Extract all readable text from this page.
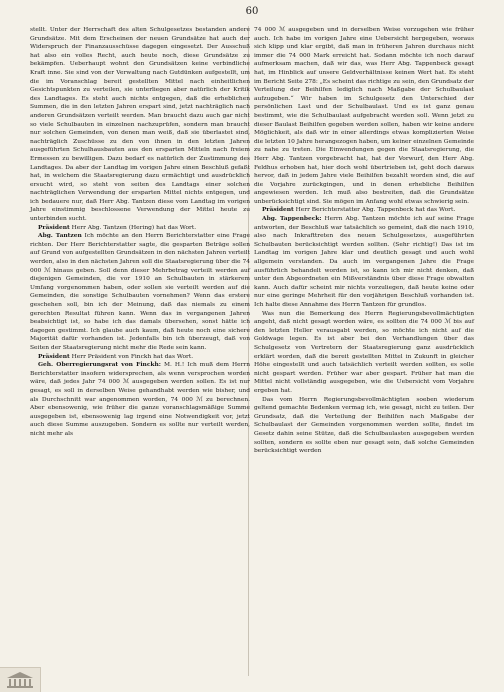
60

stellt. Unter der Herrschaft des alten Schulgesetzes bestanden andere Grundsätze. Mit dem Erscheinen der neuen Grundsätze hat auch der Widerspruch der Finanzausschüsse dagegen eingesetzt. Der Ausschuß hat also ein volles Recht, auch heute noch, diese Grundsätze zu bekämpfen. Ueberhaupt wohnt den Grundsätzen keine verbindliche Kraft inne. Sie sind von der Verwaltung nach Gutdünken aufgestellt, um die im Voranschlag bereit gestellten Mittel nach einheitlichen Gesichtspunkten zu verteilen, sie unterliegen aber natürlich der Kritik des Landtages. Es steht auch nichts entgegen, daß die erheblichen Summen, die in den letzten Jahren erspart sind, jetzt nachträglich nach anderen Grundsätzen verteilt werden. Man braucht dazu auch gar nicht so viele Schulbauten in einzelnen nachzuprüfen, sondern man braucht nur solchen Gemeinden, von denen man weiß, daß sie überlastet sind, nachträglich Zuschüsse zu den von ihnen in den letzten Jahren ausgeführten Schulhausbauten aus den ersparten Mitteln nach freiem Ermessen zu bewilligen. Dazu bedarf es natürlich der Zustimmung des Landtages. Da aber der Landtag im vorigen Jahre einen Beschluß gefaßt hat, in welchem die Staatsregierung dazu ermächtigt und ausdrücklich ersucht wird, so steht von seiten des Landtags einer solchen nachträglichen Verwendung der ersparten Mittel nichts entgegen, und ich bedauere nur, daß Herr Abg. Tantzen diese vom Landtag im vorigen Jahre einstimmig beschlossene Verwendung der Mittel heute zu unterbinden sucht.

Präsident Herr Abg. Tantzen (Hering) hat das Wort.

Abg. Tantzen Ich möchte an den Herrn Berichterstatter eine Frage richten. Der Herr Berichterstatter sagte, die gesparten Beträge sollen auf Grund von aufgestellten Grundsätzen in den nächsten Jahren verteilt werden, also in den nächsten Jahren soll die Staatsregierung über die 74 000 ℳ hinaus geben. Soll denn dieser Mehrbetrag verteilt werden auf diejenigen Gemeinden, die vor 1910 an Schulbauten in stärkerem Umfang vorgenommen haben, oder sollen sie verteilt werden auf die Gemeinden, die sonstige Schulbauten vornehmen? Wenn das erstere geschehen soll, bin ich der Meinung, daß das niemals zu einem gerechten Resultat führen kann. Wenn das in vergangenen Jahren beabsichtigt ist, so habe ich das damals übersehen, sonst hätte ich dagegen gestimmt. Ich glaube auch kaum, daß heute noch eine sichere Majorität dafür vorhanden ist. Jedenfalls bin ich überzeugt, daß von Seiten der Staatsregierung nicht mehr die Rede sein kann.

Präsident Herr Präsident von Finckh hat das Wort.

Geh. Oberregierungsrat von Finckh: M. H.! Ich muß dem Herrn Berichterstatter insofern widersprechen, als wenn versprochen worden wäre, daß jedes Jahr 74 000 ℳ ausgegeben werden sollen. Es ist nur gesagt, es soll in derselben Weise gehandhabt werden wie bisher, und als Durchschnitt war angenommen worden, 74 000 ℳ zu berechnen. Aber ebensowenig, wie früher die ganze voranschlagsmäßige Summe ausgegeben ist, ebensowenig lag irgend eine Notwendigkeit vor, jetzt auch diese Summe auszugeben. Sondern es sollte nur verteilt werden, nicht mehr als

74 000 ℳ ausgegeben und in derselben Weise vorzugehen wie früher auch. Ich habe im vorigen Jahre eine Uebersicht hergegeben, woraus sich klipp und klar ergibt, daß man in früheren Jahren durchaus nicht immer die 74 000 Mark erreicht hat. Sodann möchte ich noch darauf aufmerksam machen, daß wir das, was Herr Abg. Tappenbeck gesagt hat, im Hinblick auf unsere Geldverhältnisse keinen Wert hat. Es steht im Bericht Seite 278: „Es scheint das richtige zu sein, den Grundsatz der Verteilung der Beihilfen lediglich nach Maßgabe der Schulbaulast aufzugeben.“ Wir haben im Schulgesetz den Unterschied der persönlichen Last und der Schulbaulast. Und es ist ganz genau bestimmt, wie die Schulbaulast aufgebracht werden soll. Wenn jetzt zu dieser Baulast Beihilfen gegeben werden sollen, haben wir keine andere Möglichkeit, als daß wir in einer allerdings etwas komplizierten Weise die letzten 10 Jahre herangezogen haben, um keiner einzelnen Gemeinde zu nahe zu treten. Die Einwendungen gegen die Staatsregierung, die Herr Abg. Tantzen vorgebracht hat, hat der Vorwurf, den Herr Abg. Feldhus erhoben hat, hier doch wohl übertrieben ist, geht doch daraus hervor, daß in jedem Jahre viele Beihilfen bezahlt worden sind, die auf die Vorjahre zurückgingen, und in denen erhebliche Beihilfen angewiesen werden. Ich muß also bestreiten, daß die Grundsätze unberücksichtigt sind. Sie mögen im Anfang wohl etwas schwierig sein.

Präsident Herr Berichterstatter Abg. Tappenbeck hat das Wort.

Abg. Tappenbeck: Herrn Abg. Tantzen möchte ich auf seine Frage antworten, der Beschluß war tatsächlich so gemeint, daß die nach 1910, also nach Inkrafttreten des neuen Schulgesetzes, ausgeführten Schulbauten berücksichtigt werden sollten. (Sehr richtig!) Das ist im Landtag im vorigen Jahre klar und deutlich gesagt und auch wohl allgemein verstanden. Da auch im vergangenen Jahre die Frage ausführlich behandelt worden ist, so kann ich mir nicht denken, daß unter den Abgeordneten ein Mißverständnis über diese Frage obwalten kann. Auch dafür scheint mir nichts vorzuliegen, daß heute keine oder nur eine geringe Mehrheit für den vorjährigen Beschluß vorhanden ist. Ich halte diese Annahme des Herrn Tantzen für grundlos.

Was nun die Bemerkung des Herrn Regierungsbevollmächtigten angeht, daß nicht gesagt worden wäre, es sollten die 74 000 ℳ bis auf den letzten Heller verausgabt werden, so möchte ich nicht auf die Goldwage legen. Es ist aber bei den Verhandlungen über das Schulgesetz von Vertretern der Staatsregierung ganz ausdrücklich erklärt worden, daß die bereit gestellten Mittel in Zukunft in gleicher Höhe eingestellt und auch tatsächlich verteilt werden sollten, es solle nicht gespart werden. Früher war aber gespart. Früher hat man die Mittel nicht vollständig ausgegeben, wie die Uebersicht vom Vorjahre ergeben hat.

Das vom Herrn Regierungsbevollmächtigten soeben wiederum geltend gemachte Bedenken vermag ich, wie gesagt, nicht zu teilen. Der Grundsatz, daß die Verteilung der Beihilfen nach Maßgabe der Schulbaulast der Gemeinden vorgenommen werden sollte, findet im Gesetz dahin seine Stütze, daß die Schulbaulasten ausgegeben werden sollten, sondern es sollte eben nur gesagt sein, daß solche Gemeinden berücksichtigt werden
